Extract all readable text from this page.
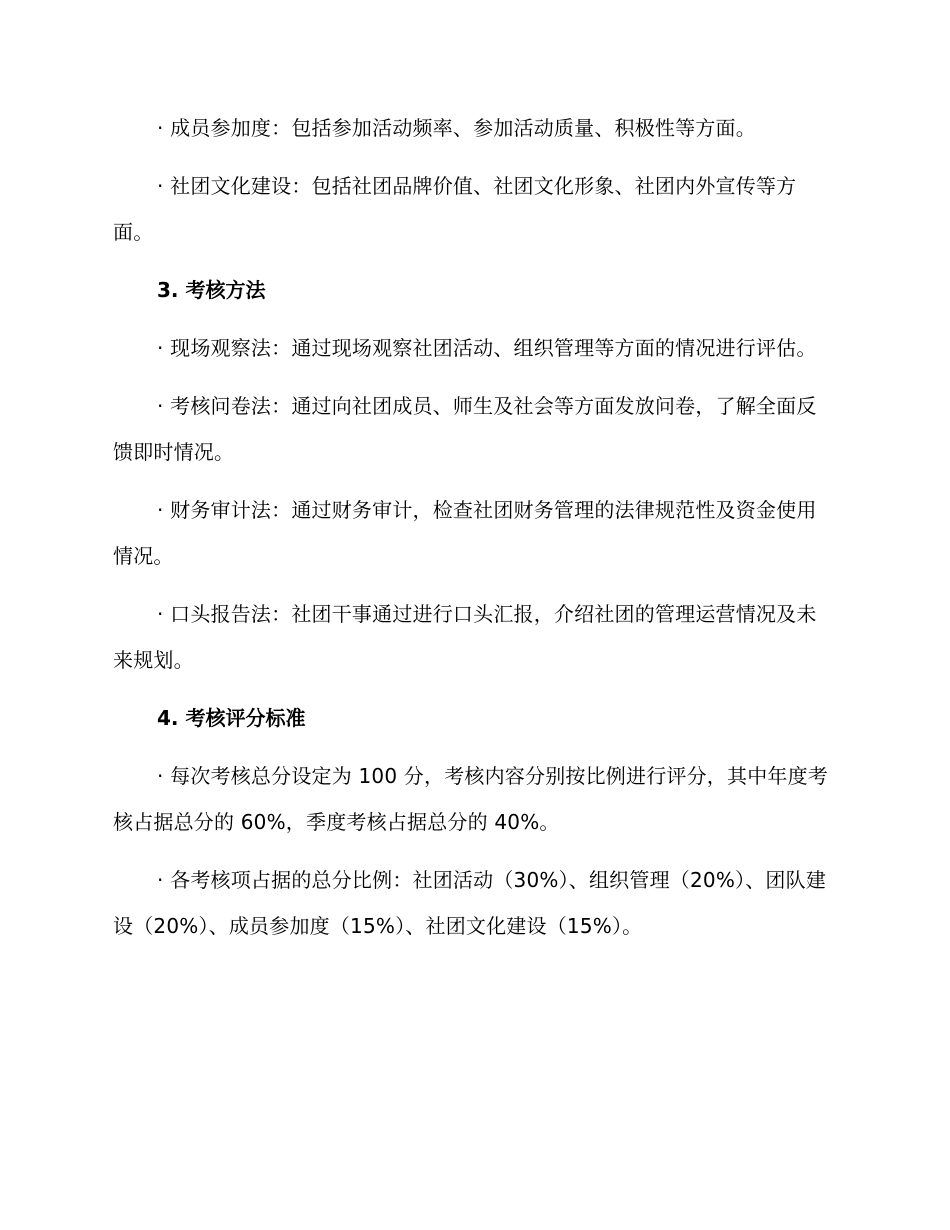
· 成员参加度：包括参加活动频率、参加活动质量、积极性等方面。

· 社团文化建设：包括社团品牌价值、社团文化形象、社团内外宣传等方面。

3. 考核方法

· 现场观察法：通过现场观察社团活动、组织管理等方面的情况进行评估。

· 考核问卷法：通过向社团成员、师生及社会等方面发放问卷，了解全面反馈即时情况。

· 财务审计法：通过财务审计，检查社团财务管理的法律规范性及资金使用情况。

· 口头报告法：社团干事通过进行口头汇报，介绍社团的管理运营情况及未来规划。

4. 考核评分标准

· 每次考核总分设定为 100 分，考核内容分别按比例进行评分，其中年度考核占据总分的 60%，季度考核占据总分的 40%。

· 各考核项占据的总分比例：社团活动（30%）、组织管理（20%）、团队建设（20%）、成员参加度（15%）、社团文化建设（15%）。
